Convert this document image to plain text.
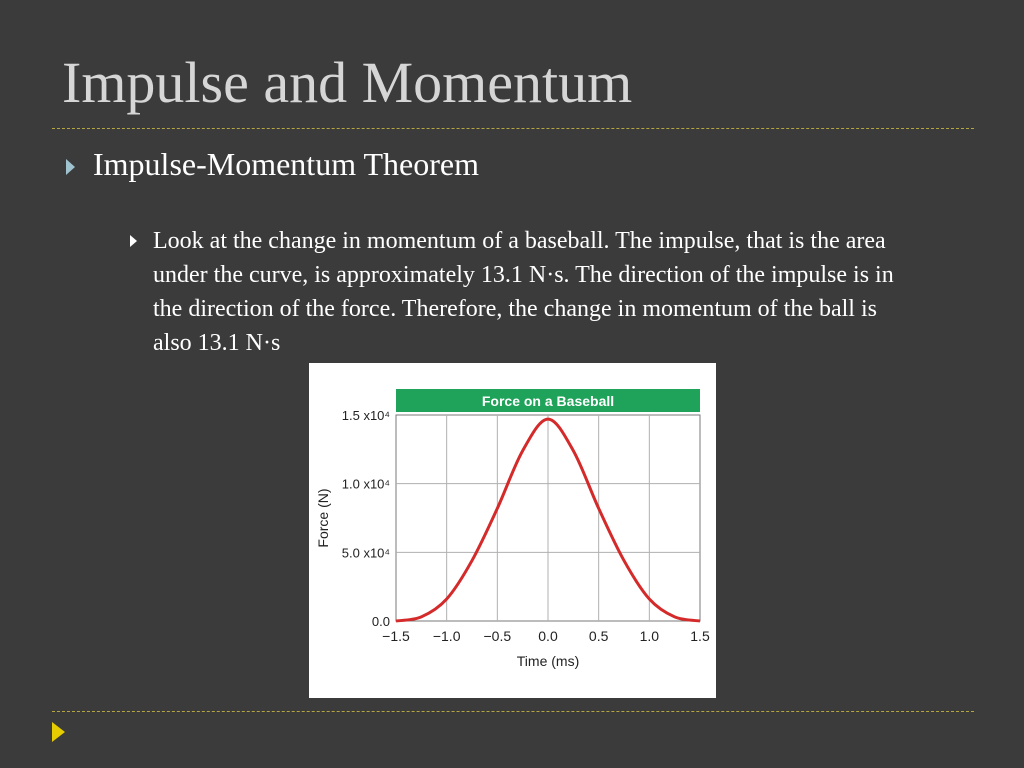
Impulse and Momentum
Impulse-Momentum Theorem
Look at the change in momentum of a baseball. The impulse, that is the area under the curve, is approximately 13.1 N·s. The direction of the impulse is in the direction of the force. Therefore, the change in momentum of the ball is also 13.1 N·s
Force on a Baseball
−1.5 −1.0 −0.5 0.0 0.5 1.0 1.5
0.0
5.0 x10⁴
1.0 x10⁴
1.5 x10⁴
Time (ms)
Force (N)
